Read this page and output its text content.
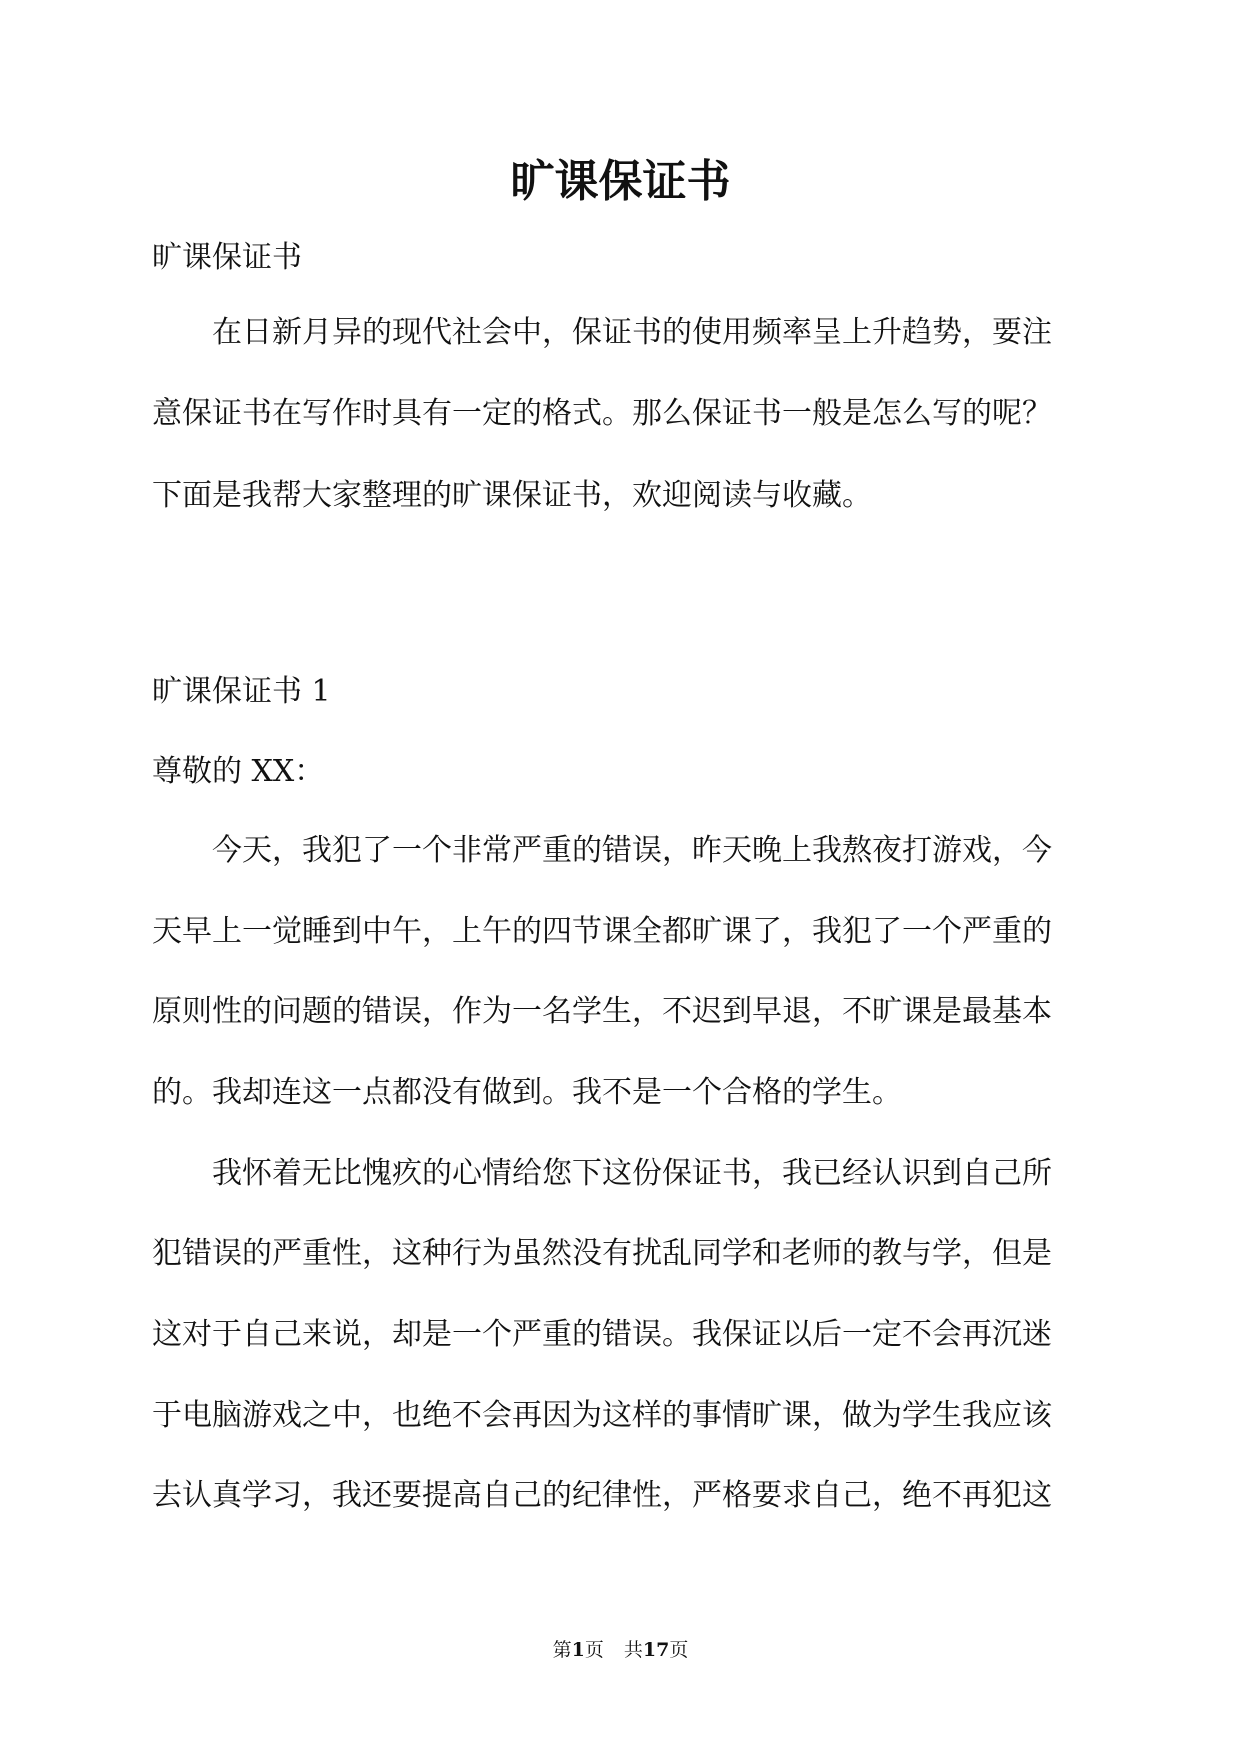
旷课保证书
旷课保证书
　　在日新月异的现代社会中，保证书的使用频率呈上升趋势，要注
意保证书在写作时具有一定的格式。那么保证书一般是怎么写的呢？
下面是我帮大家整理的旷课保证书，欢迎阅读与收藏。
旷课保证书 1
尊敬的 XX：
　　今天，我犯了一个非常严重的错误，昨天晚上我熬夜打游戏，今
天早上一觉睡到中午，上午的四节课全都旷课了，我犯了一个严重的
原则性的问题的错误，作为一名学生，不迟到早退，不旷课是最基本
的。我却连这一点都没有做到。我不是一个合格的学生。
　　我怀着无比愧疚的心情给您下这份保证书，我已经认识到自己所
犯错误的严重性，这种行为虽然没有扰乱同学和老师的教与学，但是
这对于自己来说，却是一个严重的错误。我保证以后一定不会再沉迷
于电脑游戏之中，也绝不会再因为这样的事情旷课，做为学生我应该
去认真学习，我还要提高自己的纪律性，严格要求自己，绝不再犯这
第1页 共17页
